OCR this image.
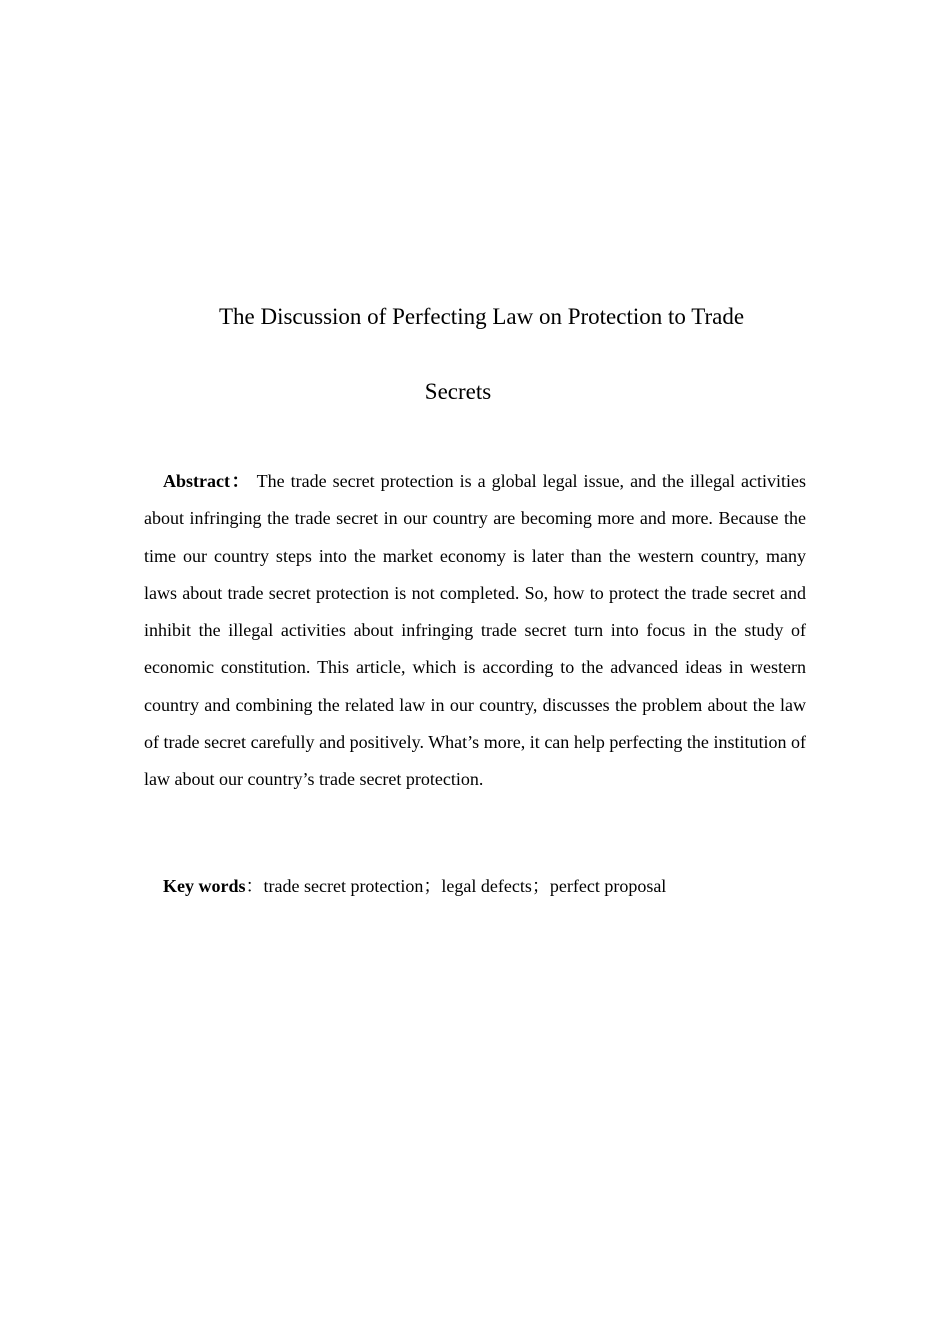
The Discussion of Perfecting Law on Protection to Trade

Secrets

Abstract： The trade secret protection is a global legal issue, and the illegal activities about infringing the trade secret in our country are becoming more and more. Because the time our country steps into the market economy is later than the western country, many laws about trade secret protection is not completed. So, how to protect the trade secret and inhibit the illegal activities about infringing trade secret turn into focus in the study of economic constitution. This article, which is according to the advanced ideas in western country and combining the related law in our country, discusses the problem about the law of trade secret carefully and positively. What’s more, it can help perfecting the institution of law about our country’s trade secret protection.

Key words：trade secret protection；legal defects；perfect proposal
